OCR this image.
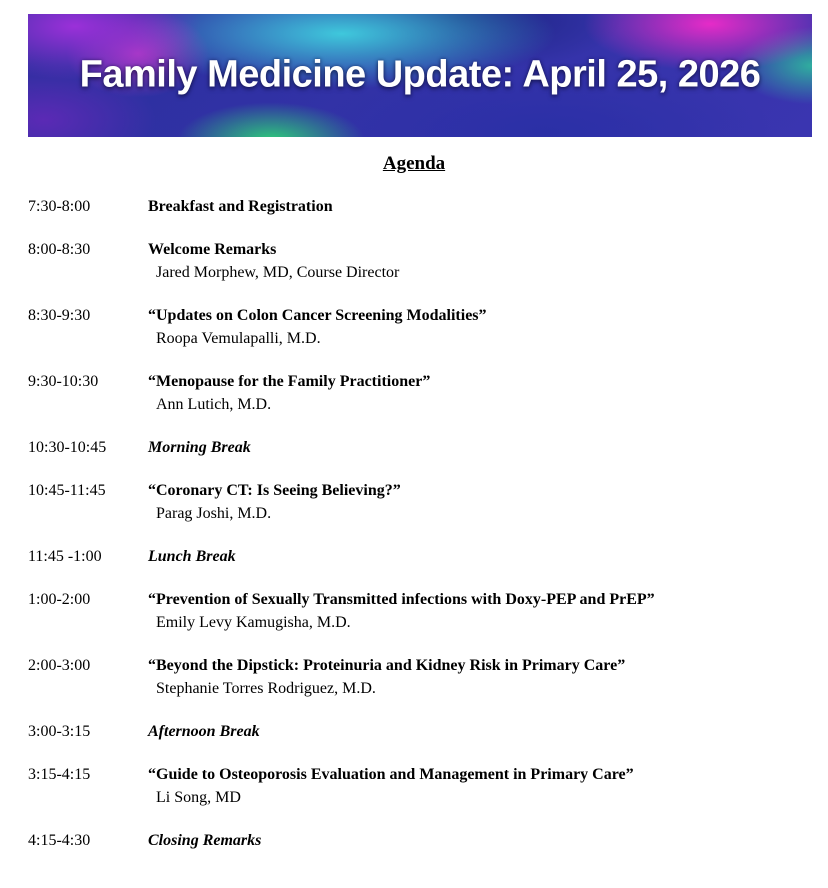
Family Medicine Update: April 25, 2026
Agenda
7:30-8:00	Breakfast and Registration
8:00-8:30	Welcome Remarks
Jared Morphew, MD, Course Director
8:30-9:30	“Updates on Colon Cancer Screening Modalities”
Roopa Vemulapalli, M.D.
9:30-10:30	“Menopause for the Family Practitioner”
Ann Lutich, M.D.
10:30-10:45	Morning Break
10:45-11:45	“Coronary CT: Is Seeing Believing?”
Parag Joshi, M.D.
11:45 -1:00	Lunch Break
1:00-2:00	“Prevention of Sexually Transmitted infections with Doxy-PEP and PrEP”
Emily Levy Kamugisha, M.D.
2:00-3:00	“Beyond the Dipstick: Proteinuria and Kidney Risk in Primary Care”
Stephanie Torres Rodriguez, M.D.
3:00-3:15	Afternoon Break
3:15-4:15	“Guide to Osteoporosis Evaluation and Management in Primary Care”
Li Song, MD
4:15-4:30	Closing Remarks
